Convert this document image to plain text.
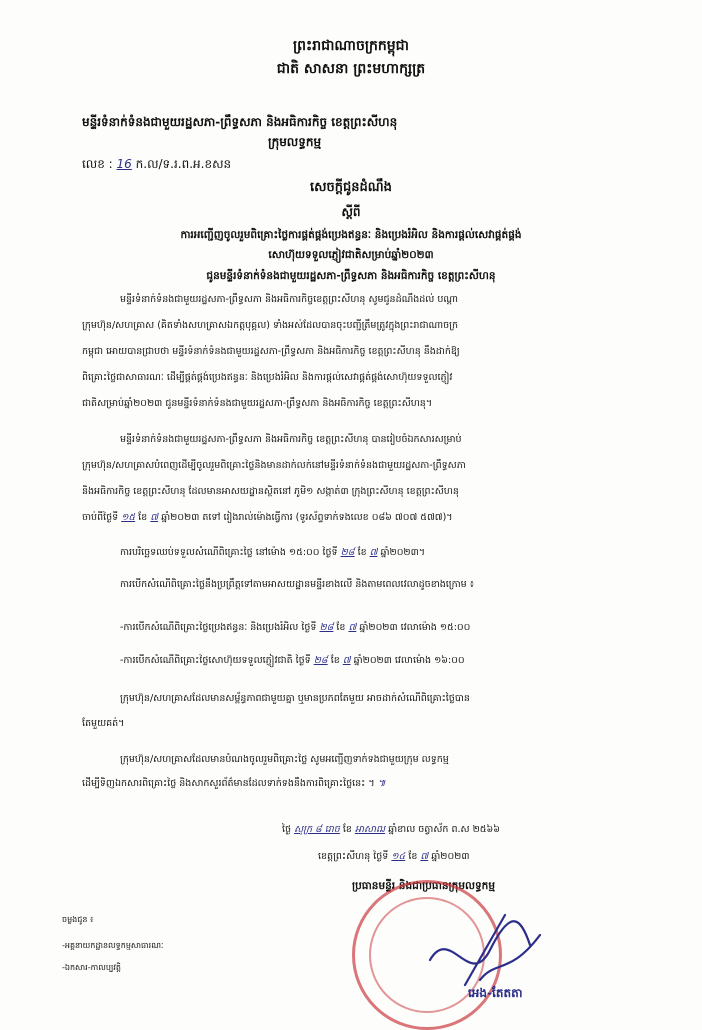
ព្រះរាជាណាចក្រកម្ពុជា
ជាតិ សាសនា ព្រះមហាក្សត្រ
មន្ទីរទំនាក់ទំនងជាមួយរដ្ឋសភា-ព្រឹទ្ធសភា និងអធិការកិច្ច ខេត្តព្រះសីហនុ
ក្រុមលទ្ធកម្ម
លេខ : 16 ក.ល/ទ.រ.ព.អ.ខសន
សេចក្តីជូនដំណឹង
ស្តីពី
ការអញ្ជើញចូលរួមពិគ្រោះថ្លៃការផ្គត់ផ្គង់ប្រេងឥន្ធនៈ និងប្រេងរំអិល និងការផ្តល់សេវាផ្គត់ផ្គង់
សោហ៊ុយទទួលភ្ញៀវជាតិសម្រាប់ឆ្នាំ២០២៣
ជូនមន្ទីរទំនាក់ទំនងជាមួយរដ្ឋសភា-ព្រឹទ្ធសភា និងអធិការកិច្ច ខេត្តព្រះសីហនុ
មន្ទីរទំនាក់ទំនងជាមួយរដ្ឋសភា-ព្រឹទ្ធសភា និងអធិការកិច្ចខេត្តព្រះសីហនុ សូមជូនដំណឹងដល់ បណ្តា
ក្រុមហ៊ុន/សហគ្រាស (គិតទាំងសហគ្រាសឯកត្តបុគ្គល) ទាំងអស់ដែលបានចុះបញ្ជីត្រឹមត្រូវក្នុងព្រះរាជាណាចក្រ
កម្ពុជា អោយបានជ្រាបថា មន្ទីរទំនាក់ទំនងជាមួយរដ្ឋសភា-ព្រឹទ្ធសភា និងអធិការកិច្ច ខេត្តព្រះសីហនុ នឹងដាក់ឱ្យ
ពិគ្រោះថ្លៃជាសាធារណៈ ដើម្បីផ្គត់ផ្គង់ប្រេងឥន្ធនៈ និងប្រេងរំអិល និងការផ្តល់សេវាផ្គត់ផ្គង់សោហ៊ុយទទួលភ្ញៀវ
ជាតិសម្រាប់ឆ្នាំ២០២៣ ជូនមន្ទីរទំនាក់ទំនងជាមួយរដ្ឋសភា-ព្រឹទ្ធសភា និងអធិការកិច្ច ខេត្តព្រះសីហនុ។
មន្ទីរទំនាក់ទំនងជាមួយរដ្ឋសភា-ព្រឹទ្ធសភា និងអធិការកិច្ច ខេត្តព្រះសីហនុ បានរៀបចំឯកសារសម្រាប់
ក្រុមហ៊ុន/សហគ្រាសបំពេញដើម្បីចូលរួមពិគ្រោះថ្លៃនិងមានដាក់លក់នៅមន្ទីរទំនាក់ទំនងជាមួយរដ្ឋសភា-ព្រឹទ្ធសភា
និងអធិការកិច្ច ខេត្តព្រះសីហនុ ដែលមានអាសយដ្ឋានស្ថិតនៅ ភូមិ១ សង្កាត់៣ ក្រុងព្រះសីហនុ ខេត្តព្រះសីហនុ
ចាប់ពីថ្ងៃទី ១៥ ខែ ៧ ឆ្នាំ២០២៣ តទៅ រៀងរាល់ម៉ោងធ្វើការ (ទូរស័ព្ទទាក់ទងលេខ ០៨៦ ៧០៧ ៥៧៧)។
ការបរិច្ឆេទឈប់ទទួលសំណើពិគ្រោះថ្លៃ នៅម៉ោង ១៥:០០ ថ្ងៃទី ២៨ ខែ ៧ ឆ្នាំ២០២៣។
ការបើកសំណើពិគ្រោះថ្លៃនឹងប្រព្រឹត្តទៅតាមអាសយដ្ឋានមន្ទីរខាងលើ និងតាមពេលវេលាដូចខាងក្រោម ៖
-ការបើកសំណើពិគ្រោះថ្លៃប្រេងឥន្ធនៈ និងប្រេងរំអិល ថ្ងៃទី ២៨ ខែ ៧ ឆ្នាំ២០២៣ វេលាម៉ោង ១៥:០០
-ការបើកសំណើពិគ្រោះថ្លៃសោហ៊ុយទទួលភ្ញៀវជាតិ ថ្ងៃទី ២៨ ខែ ៧ ឆ្នាំ២០២៣ វេលាម៉ោង ១៦:០០
ក្រុមហ៊ុន/សហគ្រាសដែលមានសម្ព័ន្ធភាពជាមួយគ្នា ឬមានប្រភពតែមួយ អាចដាក់សំណើពិគ្រោះថ្លៃបាន
តែមួយគត់។
ក្រុមហ៊ុន/សហគ្រាសដែលមានបំណងចូលរួមពិគ្រោះថ្លៃ សូមអញ្ជើញទាក់ទងជាមួយក្រុម លទ្ធកម្ម
ដើម្បីទិញឯកសារពិគ្រោះថ្លៃ និងសាកសួរព័ត៌មានដែលទាក់ទងនឹងការពិគ្រោះថ្លៃនេះ ។ ៕
ថ្ងៃ សុក្រ ៨ រោច ខែ អាសាឍ ឆ្នាំខាល ចត្វាស័ក ព.ស ២៥៦៦
ខេត្តព្រះសីហនុ ថ្ងៃទី ១៤ ខែ ៧ ឆ្នាំ២០២៣
ប្រធានមន្ទីរ និងជាប្រធានក្រុមលទ្ធកម្ម
អេង-តែតតា
ចម្លងជូន ៖
-អគ្គនាយកដ្ឋានលទ្ធកម្មសាធារណៈ
-ឯកសារ-កាលប្បវត្តិ
